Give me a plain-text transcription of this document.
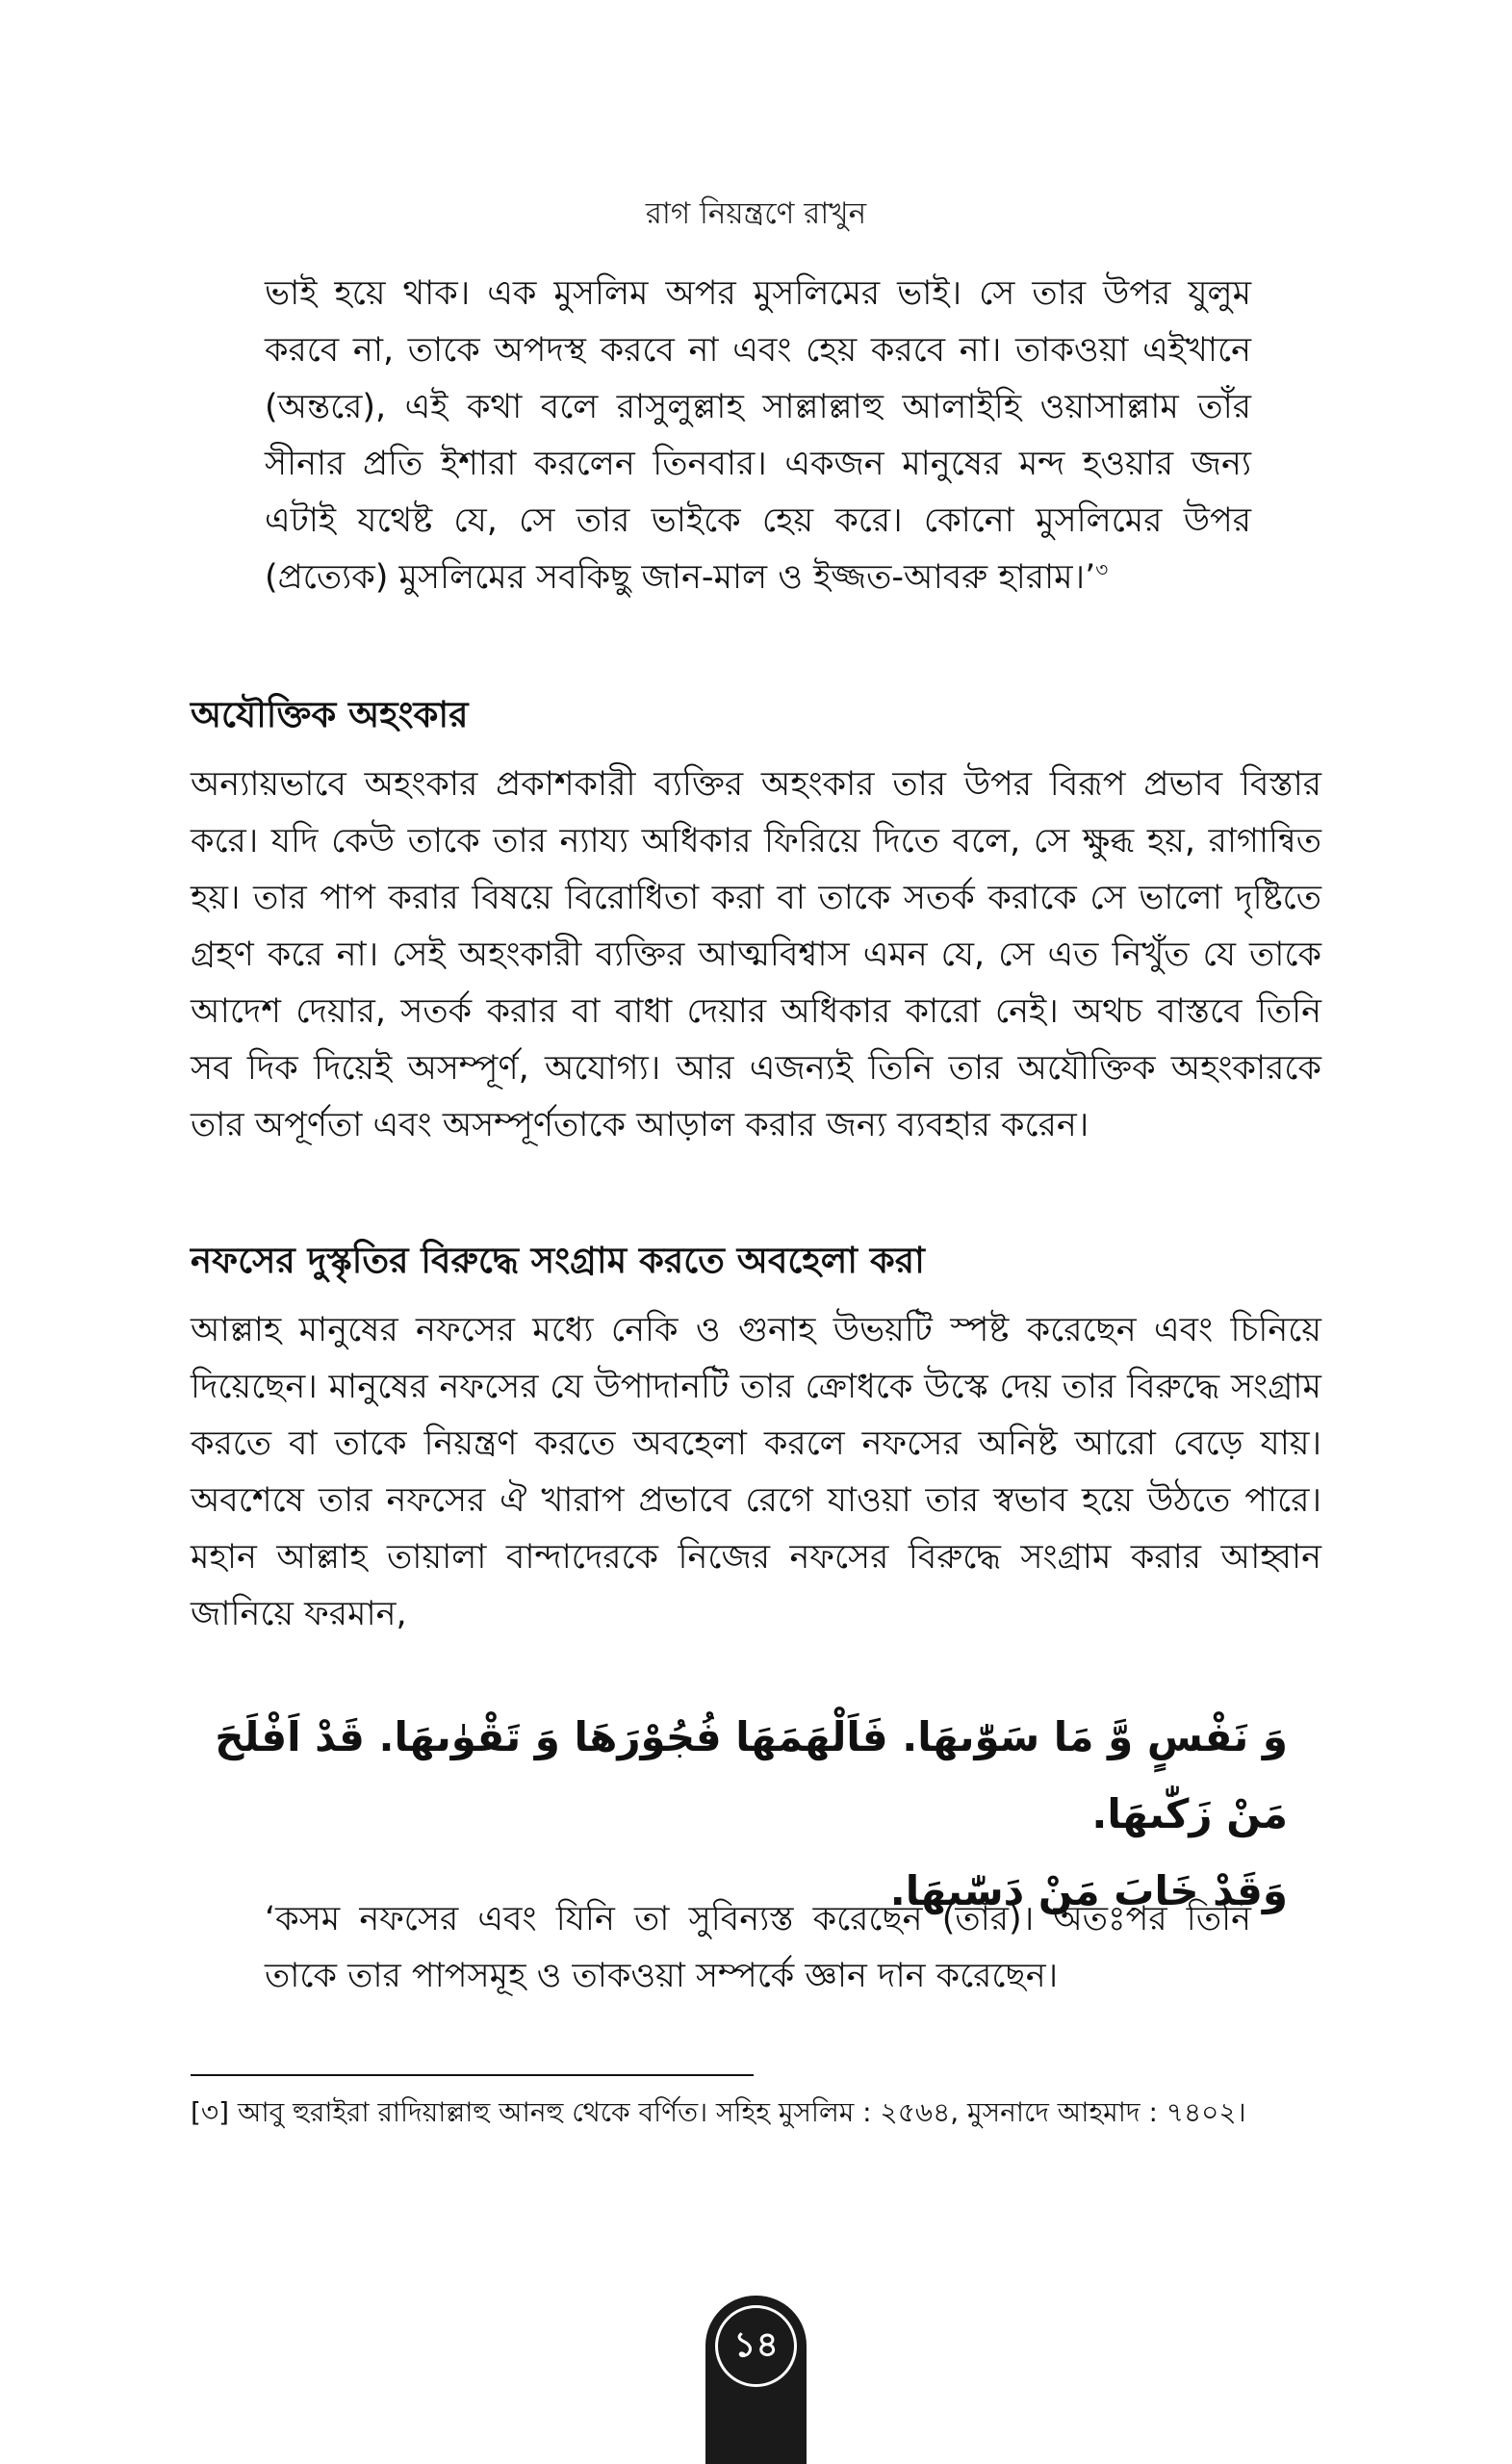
রাগ নিয়ন্ত্রণে রাখুন
ভাই হয়ে থাক। এক মুসলিম অপর মুসলিমের ভাই। সে তার উপর যুলুম করবে না, তাকে অপদস্থ করবে না এবং হেয় করবে না। তাকওয়া এইখানে (অন্তরে), এই কথা বলে রাসুলুল্লাহ সাল্লাল্লাহু আলাইহি ওয়াসাল্লাম তাঁর সীনার প্রতি ইশারা করলেন তিনবার। একজন মানুষের মন্দ হওয়ার জন্য এটাই যথেষ্ট যে, সে তার ভাইকে হেয় করে। কোনো মুসলিমের উপর (প্রত্যেক) মুসলিমের সবকিছু জান-মাল ও ইজ্জত-আবরু হারাম।’$^৩$
অযৌক্তিক অহংকার

অন্যায়ভাবে অহংকার প্রকাশকারী ব্যক্তির অহংকার তার উপর বিরূপ প্রভাব বিস্তার করে। যদি কেউ তাকে তার ন্যায্য অধিকার ফিরিয়ে দিতে বলে, সে ক্ষুব্ধ হয়, রাগান্বিত হয়। তার পাপ করার বিষয়ে বিরোধিতা করা বা তাকে সতর্ক করাকে সে ভালো দৃষ্টিতে গ্রহণ করে না। সেই অহংকারী ব্যক্তির আত্মবিশ্বাস এমন যে, সে এত নিখুঁত যে তাকে আদেশ দেয়ার, সতর্ক করার বা বাধা দেয়ার অধিকার কারো নেই। অথচ বাস্তবে তিনি সব দিক দিয়েই অসম্পূর্ণ, অযোগ্য। আর এজন্যই তিনি তার অযৌক্তিক অহংকারকে তার অপূর্ণতা এবং অসম্পূর্ণতাকে আড়াল করার জন্য ব্যবহার করেন।

নফসের দুস্কৃতির বিরুদ্ধে সংগ্রাম করতে অবহেলা করা

আল্লাহ মানুষের নফসের মধ্যে নেকি ও গুনাহ উভয়টি স্পষ্ট করেছেন এবং চিনিয়ে দিয়েছেন। মানুষের নফসের যে উপাদানটি তার ক্রোধকে উস্কে দেয় তার বিরুদ্ধে সংগ্রাম করতে বা তাকে নিয়ন্ত্রণ করতে অবহেলা করলে নফসের অনিষ্ট আরো বেড়ে যায়। অবশেষে তার নফসের ঐ খারাপ প্রভাবে রেগে যাওয়া তার স্বভাব হয়ে উঠতে পারে। মহান আল্লাহ তায়ালা বান্দাদেরকে নিজের নফসের বিরুদ্ধে সংগ্রাম করার আহ্বান জানিয়ে ফরমান,

وَ نَفْسٍ وَّ مَا سَوّٰىهَا. فَاَلْهَمَهَا فُجُوْرَهَا وَ تَقْوٰىهَا. قَدْ اَفْلَحَ مَنْ زَكّٰىهَا.
وَقَدْ خَابَ مَنْ دَسّٰىهَا.
‘কসম নফসের এবং যিনি তা সুবিন্যস্ত করেছেন (তাঁর)। অতঃপর তিনি তাকে তার পাপসমূহ ও তাকওয়া সম্পর্কে জ্ঞান দান করেছেন।
[৩] আবু হুরাইরা রাদিয়াল্লাহু আনহু থেকে বর্ণিত। সহিহ মুসলিম : ২৫৬৪, মুসনাদে আহমাদ : ৭৪০২।
১৪
